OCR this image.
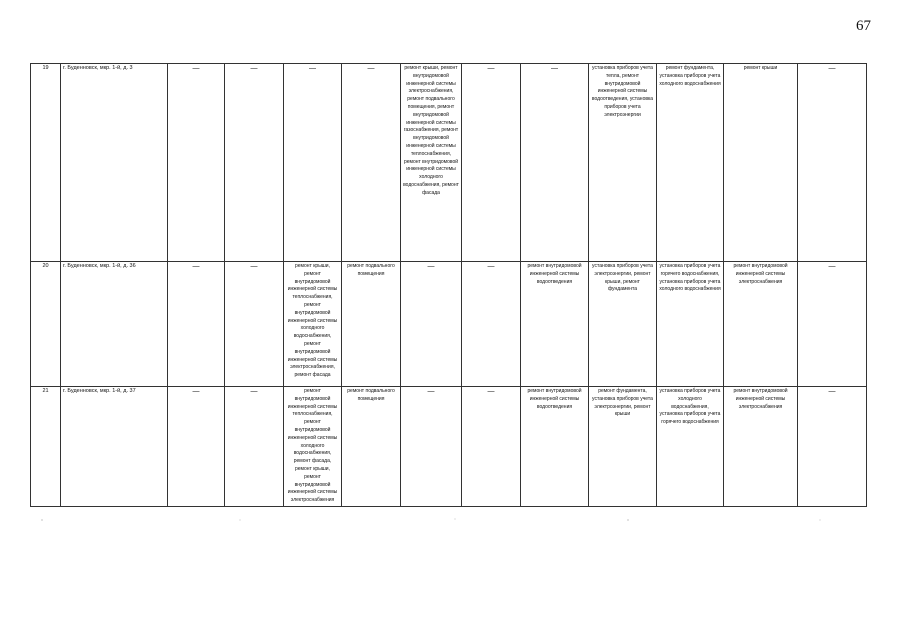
67
19	г. Буденновск, мкр. 1-й, д. 3	—	—	—	—	ремонт крыши, ремонт внутридомовой инженерной системы электроснабжения, ремонт подвального помещения, ремонт внутридомовой инженерной системы газоснабжения, ремонт внутридомовой инженерной системы теплоснабжения, ремонт внутридомовой инженерной системы холодного водоснабжения, ремонт фасада	—	—	установка приборов учета тепла, ремонт внутридомовой инженерной системы водоотведения, установка приборов учета электроэнергии	ремонт фундамента, установка приборов учета холодного водоснабжения	ремонт крыши	—

20	г. Буденновск, мкр. 1-й, д. 36	—	—	ремонт крыши, ремонт внутридомовой инженерной системы теплоснабжения, ремонт внутридомовой инженерной системы холодного водоснабжения, ремонт внутридомовой инженерной системы электроснабжения, ремонт фасада	ремонт подвального помещения	—	—	ремонт внутридомовой инженерной системы водоотведения	установка приборов учета электроэнергии, ремонт крыши, ремонт фундамента	установка приборов учета горячего водоснабжения, установка приборов учета холодного водоснабжения	ремонт внутридомовой инженерной системы электроснабжения	—

21	г. Буденновск, мкр. 1-й, д. 37	—	—	ремонт внутридомовой инженерной системы теплоснабжения, ремонт внутридомовой инженерной системы холодного водоснабжения, ремонт фасада, ремонт крыши, ремонт внутридомовой инженерной системы электроснабжения	ремонт подвального помещения	—	—	ремонт внутридомовой инженерной системы водоотведения	ремонт фундамента, установка приборов учета электроэнергии, ремонт крыши	установка приборов учета холодного водоснабжения, установка приборов учета горячего водоснабжения	ремонт внутридомовой инженерной системы электроснабжения	—
